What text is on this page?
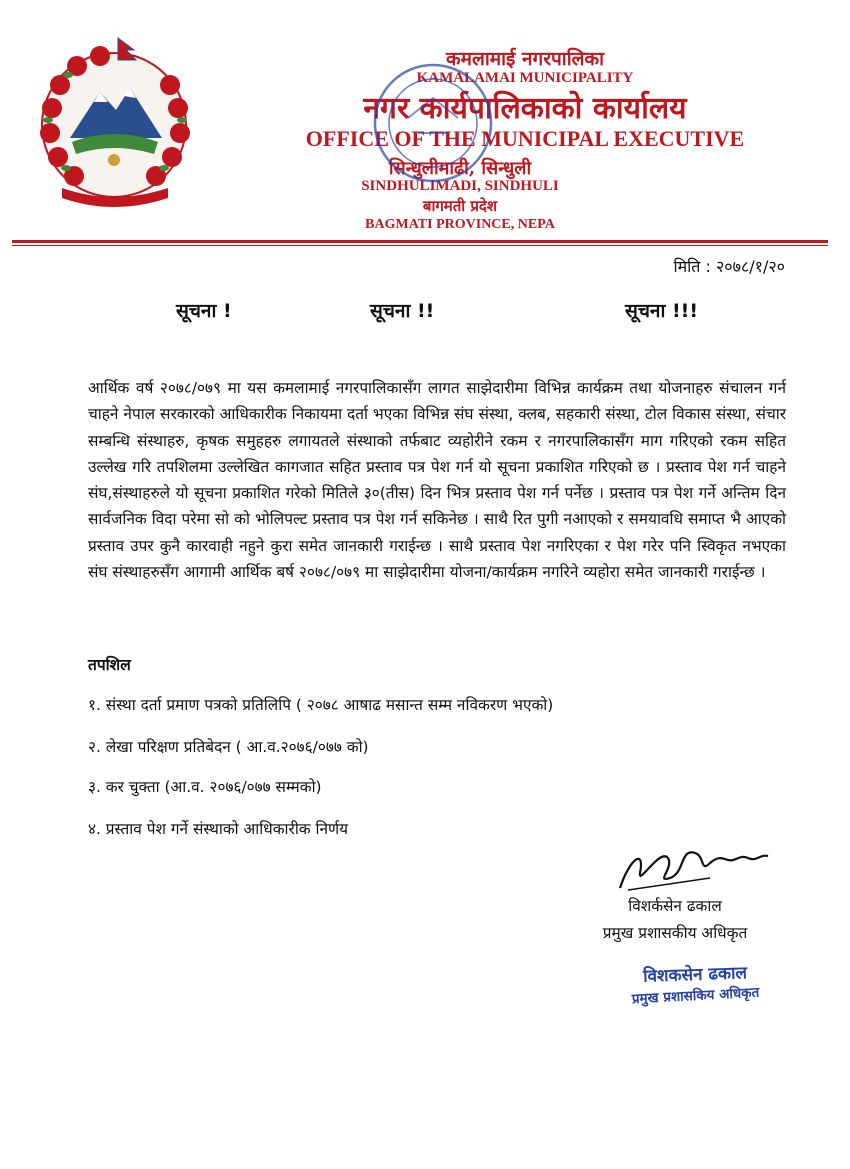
कमलामाई नगरपालिका
KAMALAMAI MUNICIPALITY
नगर कार्यपालिकाको कार्यालय
OFFICE OF THE MUNICIPAL EXECUTIVE
सिन्धुलीमाढी, सिन्धुली
SINDHULIMADI, SINDHULI
बागमती प्रदेश
BAGMATI PROVINCE, NEPA
मिति : २०७८/१/२०
सूचना !	सूचना !!	सूचना !!!
आर्थिक वर्ष २०७८/०७९ मा यस कमलामाई नगरपालिकासँग लागत साझेदारीमा विभिन्न कार्यक्रम तथा योजनाहरु संचालन गर्न चाहने नेपाल सरकारको आधिकारीक निकायमा दर्ता भएका विभिन्न संघ संस्था, क्लब, सहकारी संस्था, टोल विकास संस्था, संचार सम्बन्धि संस्थाहरु, कृषक समुहहरु लगायतले संस्थाको तर्फबाट व्यहोरीने रकम र नगरपालिकासँग माग गरिएको रकम सहित उल्लेख गरि तपशिलमा उल्लेखित कागजात सहित प्रस्ताव पत्र पेश गर्न यो सूचना प्रकाशित गरिएको छ । प्रस्ताव पेश गर्न चाहने संघ,संस्थाहरुले यो सूचना प्रकाशित गरेको मितिले ३०(तीस) दिन भित्र प्रस्ताव पेश गर्न पर्नेछ । प्रस्ताव पत्र पेश गर्ने अन्तिम दिन सार्वजनिक विदा परेमा सो को भोलिपल्ट प्रस्ताव पत्र पेश गर्न सकिनेछ । साथै रित पुगी नआएको र समयावधि समाप्त भै आएको प्रस्ताव उपर कुनै कारवाही नहुने कुरा समेत जानकारी गराईन्छ । साथै प्रस्ताव पेश नगरिएका र पेश गरेर पनि स्विकृत नभएका संघ संस्थाहरुसँग आगामी आर्थिक बर्ष २०७८/०७९ मा साझेदारीमा योजना/कार्यक्रम नगरिने व्यहोरा समेत जानकारी गराईन्छ ।
तपशिल
१. संस्था दर्ता प्रमाण पत्रको प्रतिलिपि ( २०७८ आषाढ मसान्त सम्म नविकरण भएको)
२. लेखा परिक्षण प्रतिबेदन ( आ.व.२०७६/०७७ को)
३. कर चुक्ता (आ.व. २०७६/०७७ सम्मको)
४. प्रस्ताव पेश गर्ने संस्थाको आधिकारीक निर्णय
विशर्कसेन ढकाल
प्रमुख प्रशासकीय अधिकृत
विशकसेन ढकाल
प्रमुख प्रशासकिय अधिकृत
